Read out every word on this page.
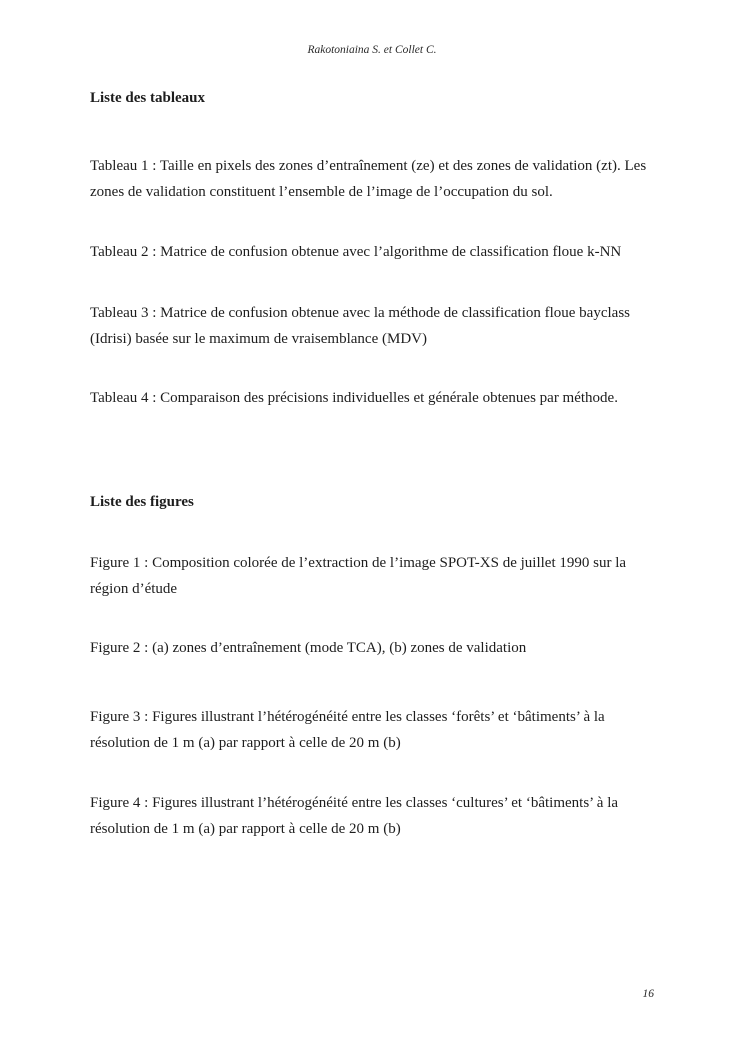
Rakotoniaina S. et Collet C.
Liste des tableaux
Tableau 1 : Taille en pixels des zones d’entraînement (ze) et des zones de validation (zt). Les
zones de validation constituent l’ensemble de l’image de l’occupation du sol.
Tableau 2 : Matrice de confusion obtenue avec l’algorithme de classification floue k-NN
Tableau 3 : Matrice de confusion obtenue avec la méthode de classification floue bayclass
(Idrisi) basée sur le maximum de vraisemblance (MDV)
Tableau 4 : Comparaison des précisions individuelles et générale obtenues par méthode.
Liste des figures
Figure 1 : Composition colorée de l’extraction de l’image SPOT-XS de juillet 1990 sur la
région d’étude
Figure 2 : (a) zones d’entraînement (mode TCA), (b) zones de validation
Figure 3 : Figures illustrant l’hétérogénéité entre les classes ‘forêts’ et ‘bâtiments’ à la
résolution de 1 m (a) par rapport à celle de 20 m (b)
Figure 4 : Figures illustrant l’hétérogénéité entre les classes ‘cultures’ et ‘bâtiments’ à la
résolution de 1 m (a) par rapport à celle de 20 m (b)
16
